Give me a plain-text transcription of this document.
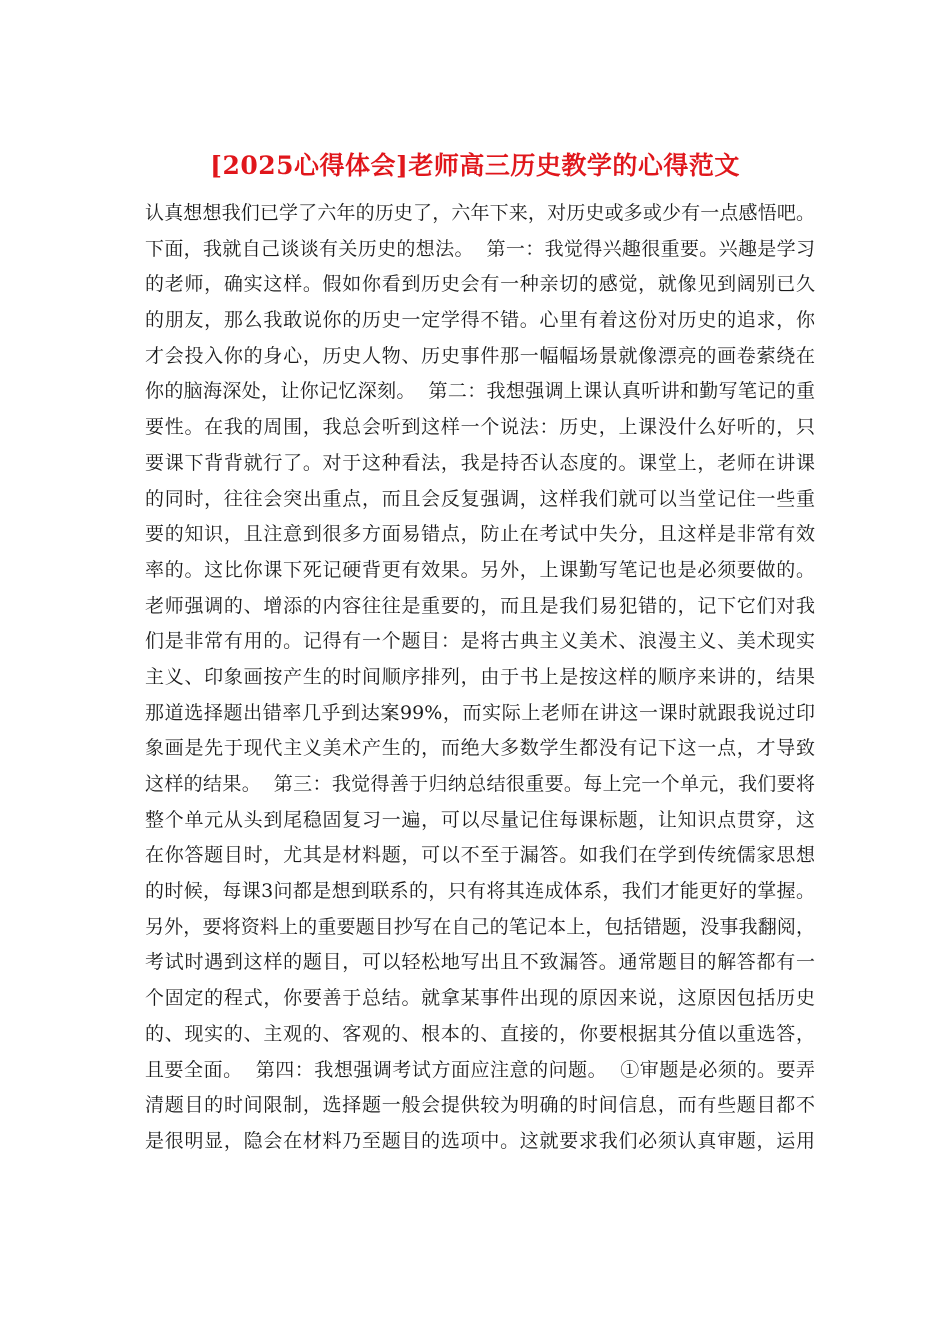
[2025心得体会]老师高三历史教学的心得范文
认真想想我们已学了六年的历史了，六年下来，对历史或多或少有一点感悟吧。
下面，我就自己谈谈有关历史的想法。  第一：我觉得兴趣很重要。兴趣是学习
的老师，确实这样。假如你看到历史会有一种亲切的感觉，就像见到阔别已久
的朋友，那么我敢说你的历史一定学得不错。心里有着这份对历史的追求，你
才会投入你的身心，历史人物、历史事件那一幅幅场景就像漂亮的画卷萦绕在
你的脑海深处，让你记忆深刻。  第二：我想强调上课认真听讲和勤写笔记的重
要性。在我的周围，我总会听到这样一个说法：历史，上课没什么好听的，只
要课下背背就行了。对于这种看法，我是持否认态度的。课堂上，老师在讲课
的同时，往往会突出重点，而且会反复强调，这样我们就可以当堂记住一些重
要的知识，且注意到很多方面易错点，防止在考试中失分，且这样是非常有效
率的。这比你课下死记硬背更有效果。另外，上课勤写笔记也是必须要做的。
老师强调的、增添的内容往往是重要的，而且是我们易犯错的，记下它们对我
们是非常有用的。记得有一个题目：是将古典主义美术、浪漫主义、美术现实
主义、印象画按产生的时间顺序排列，由于书上是按这样的顺序来讲的，结果
那道选择题出错率几乎到达案99%，而实际上老师在讲这一课时就跟我说过印
象画是先于现代主义美术产生的，而绝大多数学生都没有记下这一点，才导致
这样的结果。  第三：我觉得善于归纳总结很重要。每上完一个单元，我们要将
整个单元从头到尾稳固复习一遍，可以尽量记住每课标题，让知识点贯穿，这
在你答题目时，尤其是材料题，可以不至于漏答。如我们在学到传统儒家思想
的时候，每课3问都是想到联系的，只有将其连成体系，我们才能更好的掌握。
另外，要将资料上的重要题目抄写在自己的笔记本上，包括错题，没事我翻阅，
考试时遇到这样的题目，可以轻松地写出且不致漏答。通常题目的解答都有一
个固定的程式，你要善于总结。就拿某事件出现的原因来说，这原因包括历史
的、现实的、主观的、客观的、根本的、直接的，你要根据其分值以重选答，
且要全面。  第四：我想强调考试方面应注意的问题。  ①审题是必须的。要弄
清题目的时间限制，选择题一般会提供较为明确的时间信息，而有些题目都不
是很明显，隐会在材料乃至题目的选项中。这就要求我们必须认真审题，运用
